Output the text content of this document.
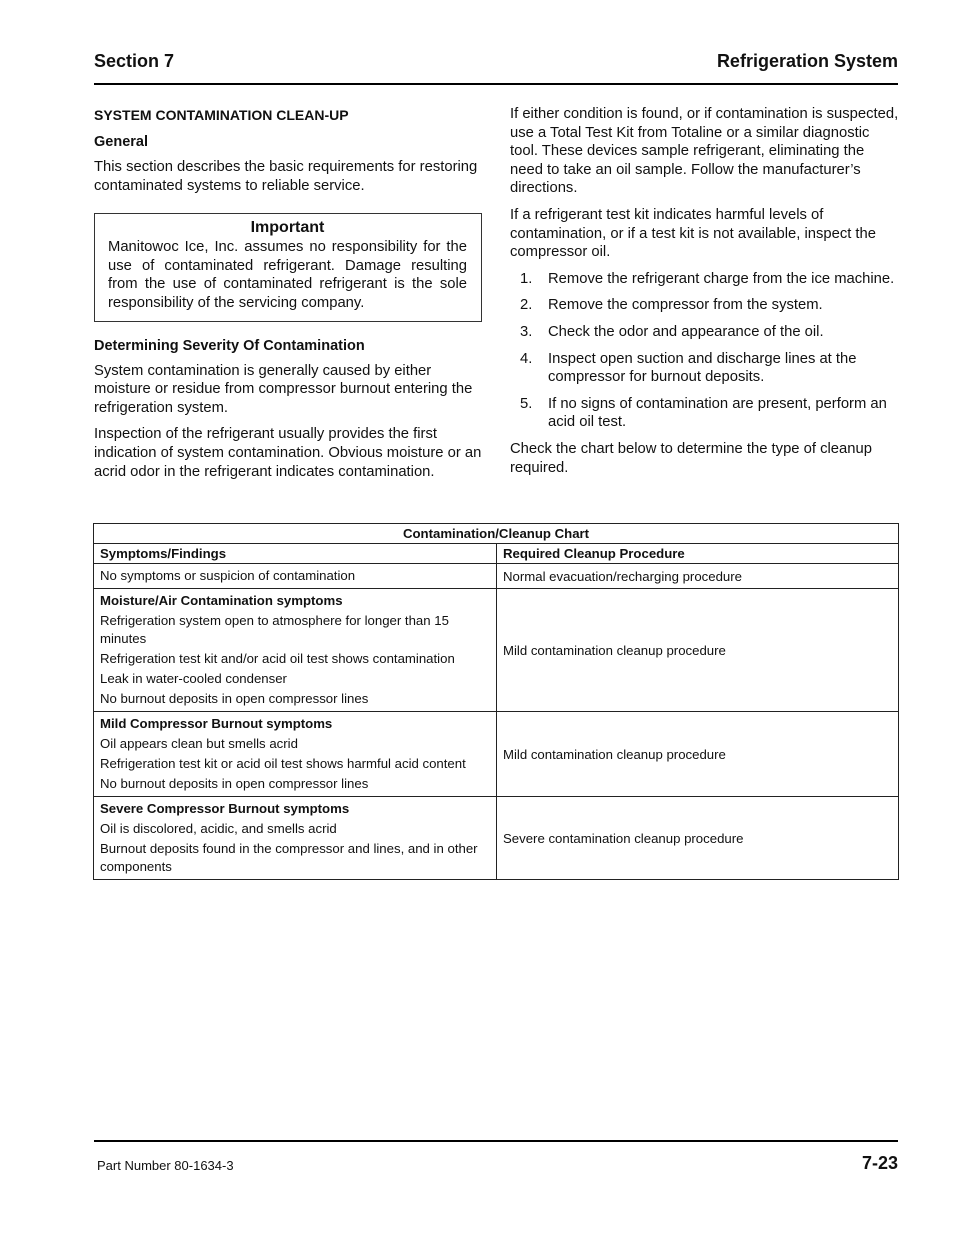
Section 7	Refrigeration System
SYSTEM CONTAMINATION CLEAN-UP
General

This section describes the basic requirements for restoring contaminated systems to reliable service.

Important
Manitowoc Ice, Inc. assumes no responsibility for the use of contaminated refrigerant. Damage resulting from the use of contaminated refrigerant is the sole responsibility of the servicing company.
Determining Severity Of Contamination

System contamination is generally caused by either moisture or residue from compressor burnout entering the refrigeration system.

Inspection of the refrigerant usually provides the first indication of system contamination. Obvious moisture or an acrid odor in the refrigerant indicates contamination.

If either condition is found, or if contamination is suspected, use a Total Test Kit from Totaline or a similar diagnostic tool. These devices sample refrigerant, eliminating the need to take an oil sample. Follow the manufacturer’s directions.

If a refrigerant test kit indicates harmful levels of contamination, or if a test kit is not available, inspect the compressor oil.

1.	Remove the refrigerant charge from the ice machine.
2.	Remove the compressor from the system.
3.	Check the odor and appearance of the oil.
4.	Inspect open suction and discharge lines at the compressor for burnout deposits.
5.	If no signs of contamination are present, perform an acid oil test.

Check the chart below to determine the type of cleanup required.

Contamination/Cleanup Chart	
Symptoms/Findings	Required Cleanup Procedure

No symptoms or suspicion of contamination	Normal evacuation/recharging procedure

Moisture/Air Contamination symptoms
Refrigeration system open to atmosphere for longer than 15 minutes
Refrigeration test kit and/or acid oil test shows contamination
Leak in water-cooled condenser
No burnout deposits in open compressor lines	Mild contamination cleanup procedure

Mild Compressor Burnout symptoms
Oil appears clean but smells acrid
Refrigeration test kit or acid oil test shows harmful acid content
No burnout deposits in open compressor lines	Mild contamination cleanup procedure

Severe Compressor Burnout symptoms
Oil is discolored, acidic, and smells acrid
Burnout deposits found in the compressor and lines, and in other components	Severe contamination cleanup procedure
Part Number 80-1634-3	7-23
